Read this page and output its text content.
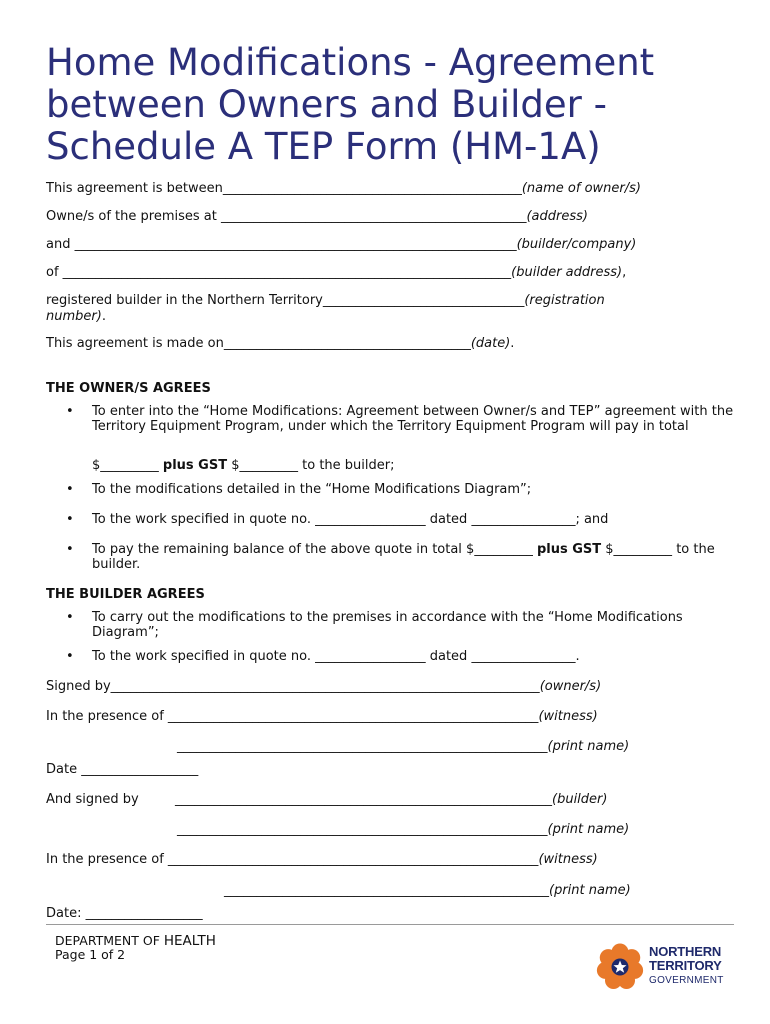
Home Modifications - Agreement between Owners and Builder - Schedule A TEP Form (HM-1A)
This agreement is between______________________________________________(name of owner/s)
Owne/s of the premises at _______________________________________________(address)
and ____________________________________________________________________(builder/company)
of _____________________________________________________________________(builder address),
registered builder in the Northern Territory_______________________________(registration
number).
This agreement is made on______________________________________(date).
THE OWNER/S AGREES
• To enter into the “Home Modifications: Agreement between Owner/s and TEP” agreement with the Territory Equipment Program, under which the Territory Equipment Program will pay in total
$_________ plus GST $_________ to the builder;
• To the modifications detailed in the “Home Modifications Diagram”;
• To the work specified in quote no. _________________ dated ________________; and
• To pay the remaining balance of the above quote in total $_________ plus GST $_________ to the builder.
THE BUILDER AGREES
• To carry out the modifications to the premises in accordance with the “Home Modifications Diagram”;
• To the work specified in quote no. _________________ dated ________________.
Signed by__________________________________________________________________(owner/s)
In the presence of _________________________________________________________(witness)
_________________________________________________________(print name)
Date __________________
And signed by	__________________________________________________________(builder)
_________________________________________________________(print name)
In the presence of _________________________________________________________(witness)
__________________________________________________(print name)
Date: __________________
DEPARTMENT OF HEALTH
Page 1 of 2	NORTHERN
TERRITORY
GOVERNMENT
